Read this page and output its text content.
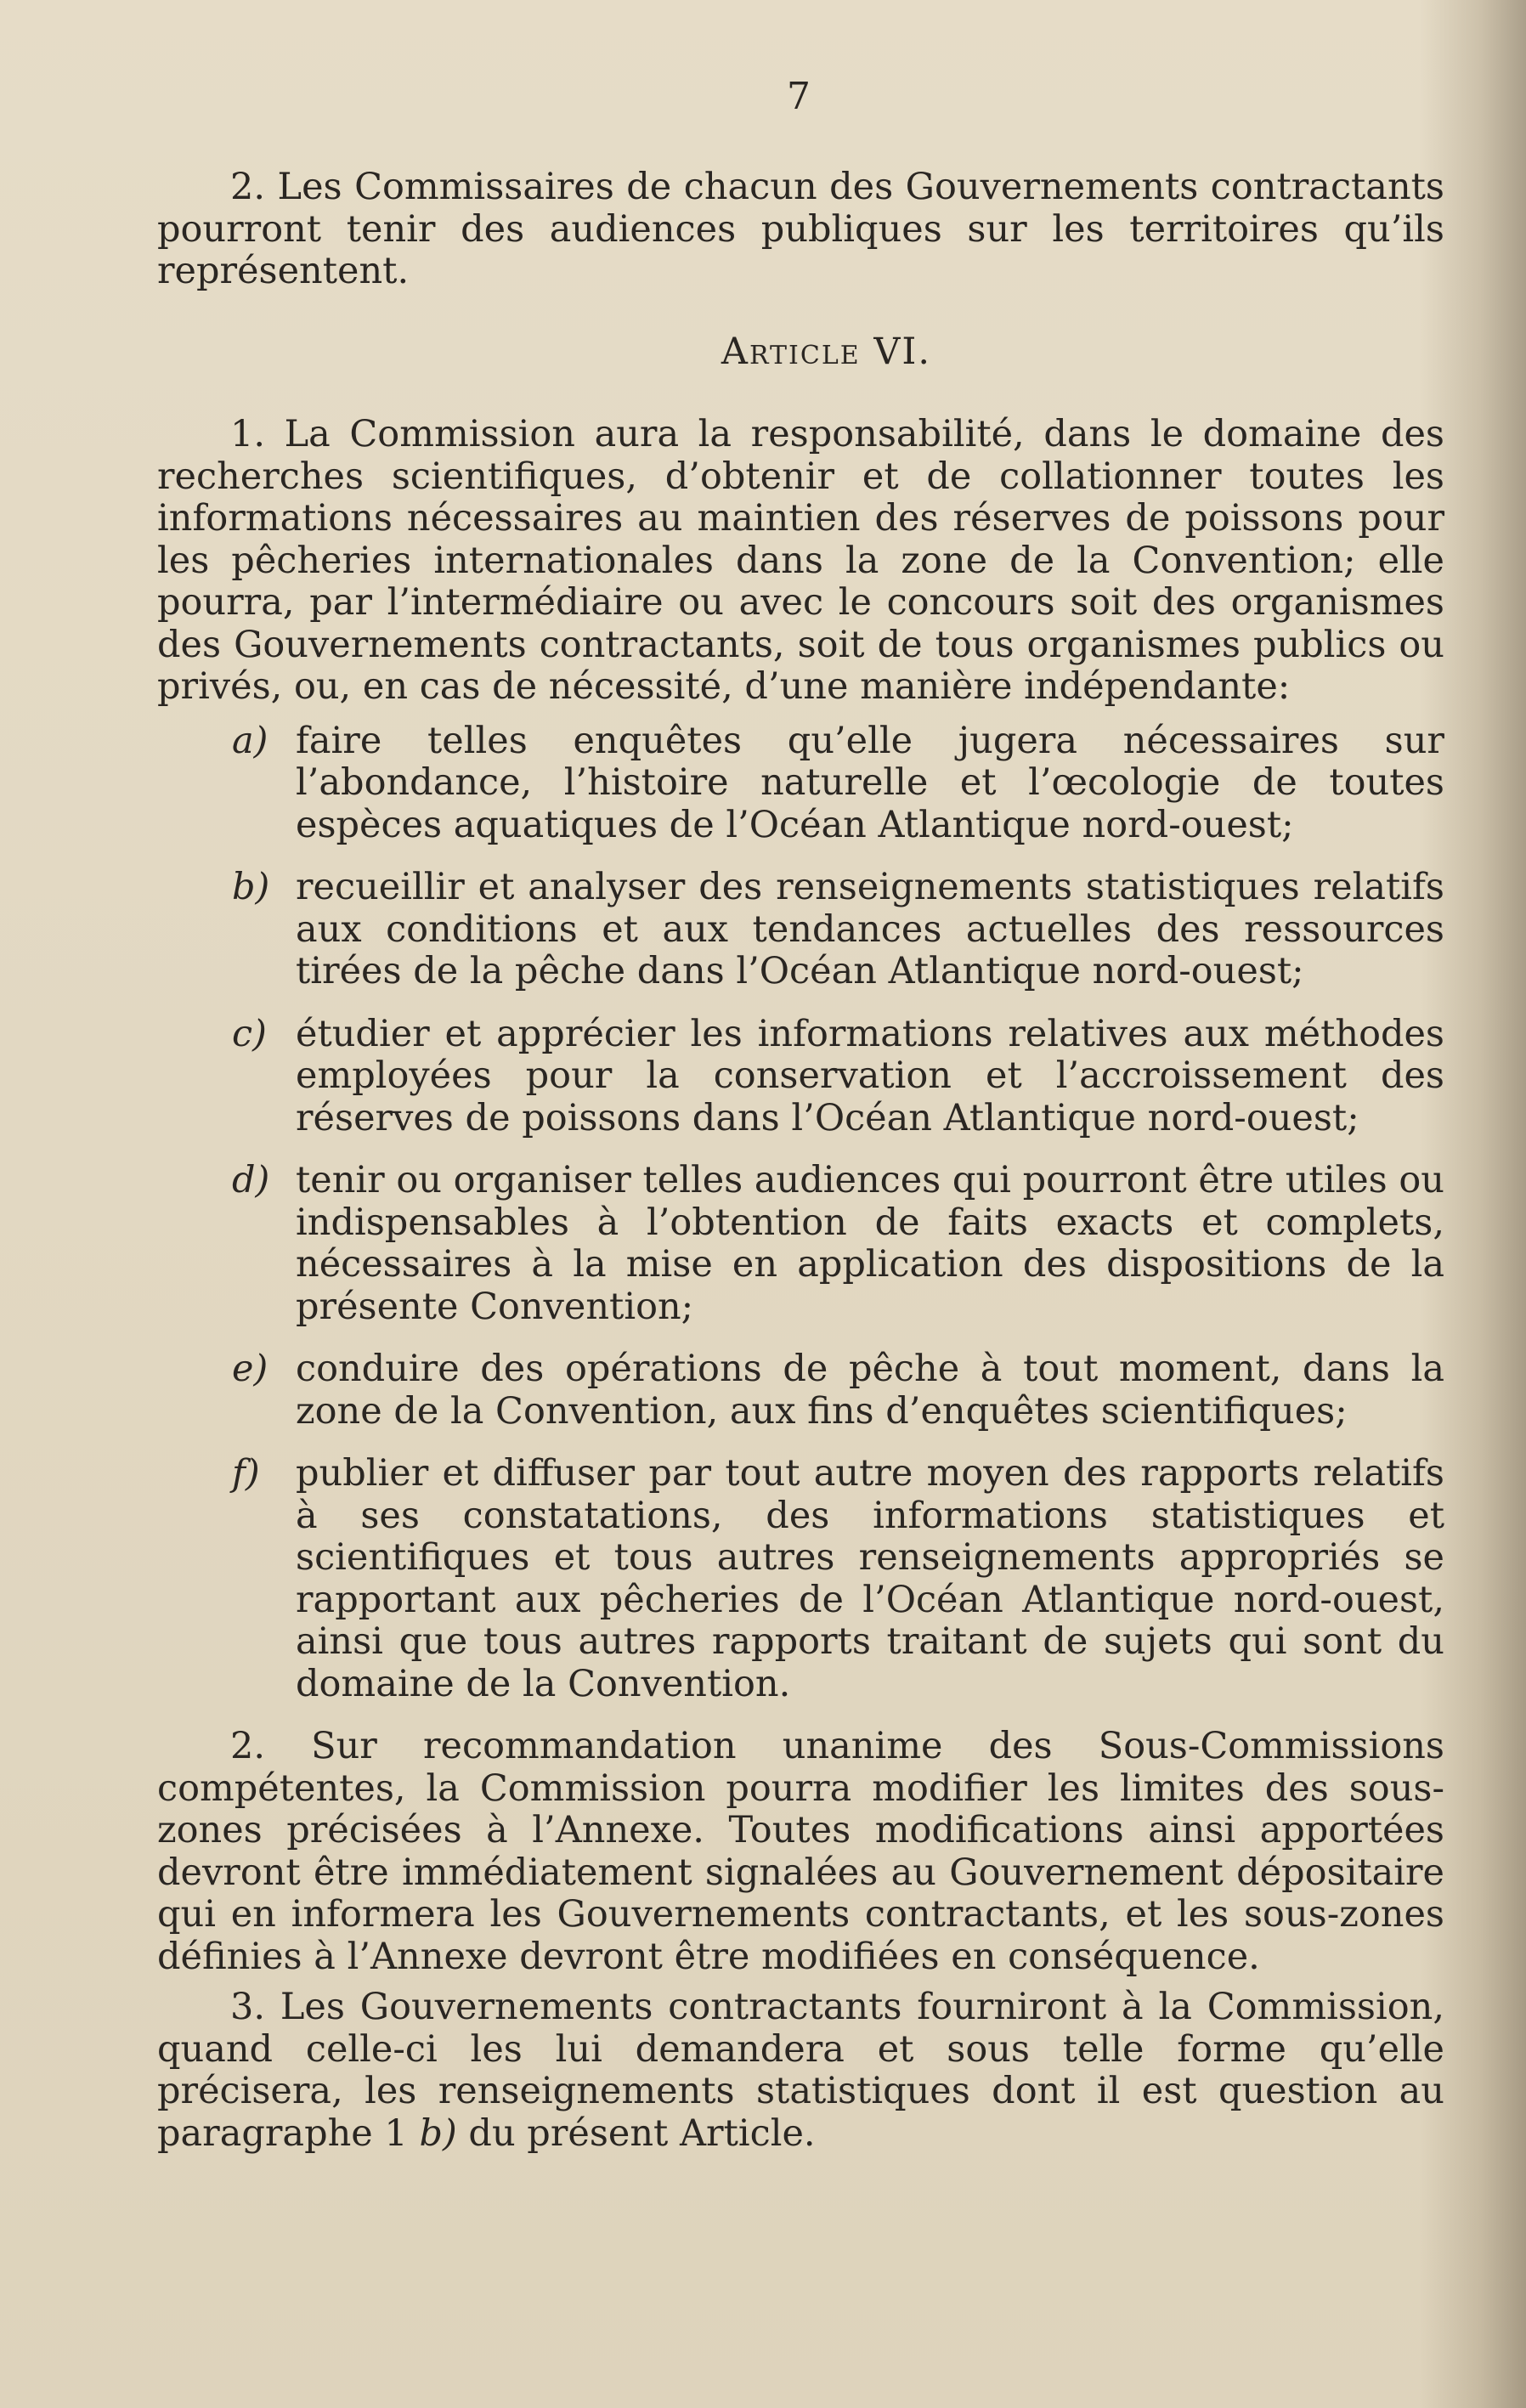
7

2. Les Commissaires de chacun des Gouvernements contractants pourront tenir des audiences publiques sur les territoires qu’ils représentent.

Article VI.

1. La Commission aura la responsabilité, dans le domaine des recherches scientifiques, d’obtenir et de collationner toutes les informations nécessaires au maintien des réserves de poissons pour les pêcheries internationales dans la zone de la Convention; elle pourra, par l’intermédiaire ou avec le concours soit des organismes des Gouvernements contractants, soit de tous organismes publics ou privés, ou, en cas de nécessité, d’une manière indépendante:

a) faire telles enquêtes qu’elle jugera nécessaires sur l’abondance, l’histoire naturelle et l’œcologie de toutes espèces aquatiques de l’Océan Atlantique nord-ouest;
b) recueillir et analyser des renseignements statistiques relatifs aux conditions et aux tendances actuelles des ressources tirées de la pêche dans l’Océan Atlantique nord-ouest;
c) étudier et apprécier les informations relatives aux méthodes employées pour la conservation et l’accroissement des réserves de poissons dans l’Océan Atlantique nord-ouest;
d) tenir ou organiser telles audiences qui pourront être utiles ou indispensables à l’obtention de faits exacts et complets, nécessaires à la mise en application des dispositions de la présente Convention;
e) conduire des opérations de pêche à tout moment, dans la zone de la Convention, aux fins d’enquêtes scientifiques;
f) publier et diffuser par tout autre moyen des rapports relatifs à ses constatations, des informations statistiques et scientifiques et tous autres renseignements appropriés se rapportant aux pêcheries de l’Océan Atlantique nord-ouest, ainsi que tous autres rapports traitant de sujets qui sont du domaine de la Convention.

2. Sur recommandation unanime des Sous-Commissions compétentes, la Commission pourra modifier les limites des sous-zones précisées à l’Annexe. Toutes modifications ainsi apportées devront être immédiatement signalées au Gouvernement dépositaire qui en informera les Gouvernements contractants, et les sous-zones définies à l’Annexe devront être modifiées en conséquence.

3. Les Gouvernements contractants fourniront à la Commission, quand celle-ci les lui demandera et sous telle forme qu’elle précisera, les renseignements statistiques dont il est question au paragraphe 1 b) du présent Article.
